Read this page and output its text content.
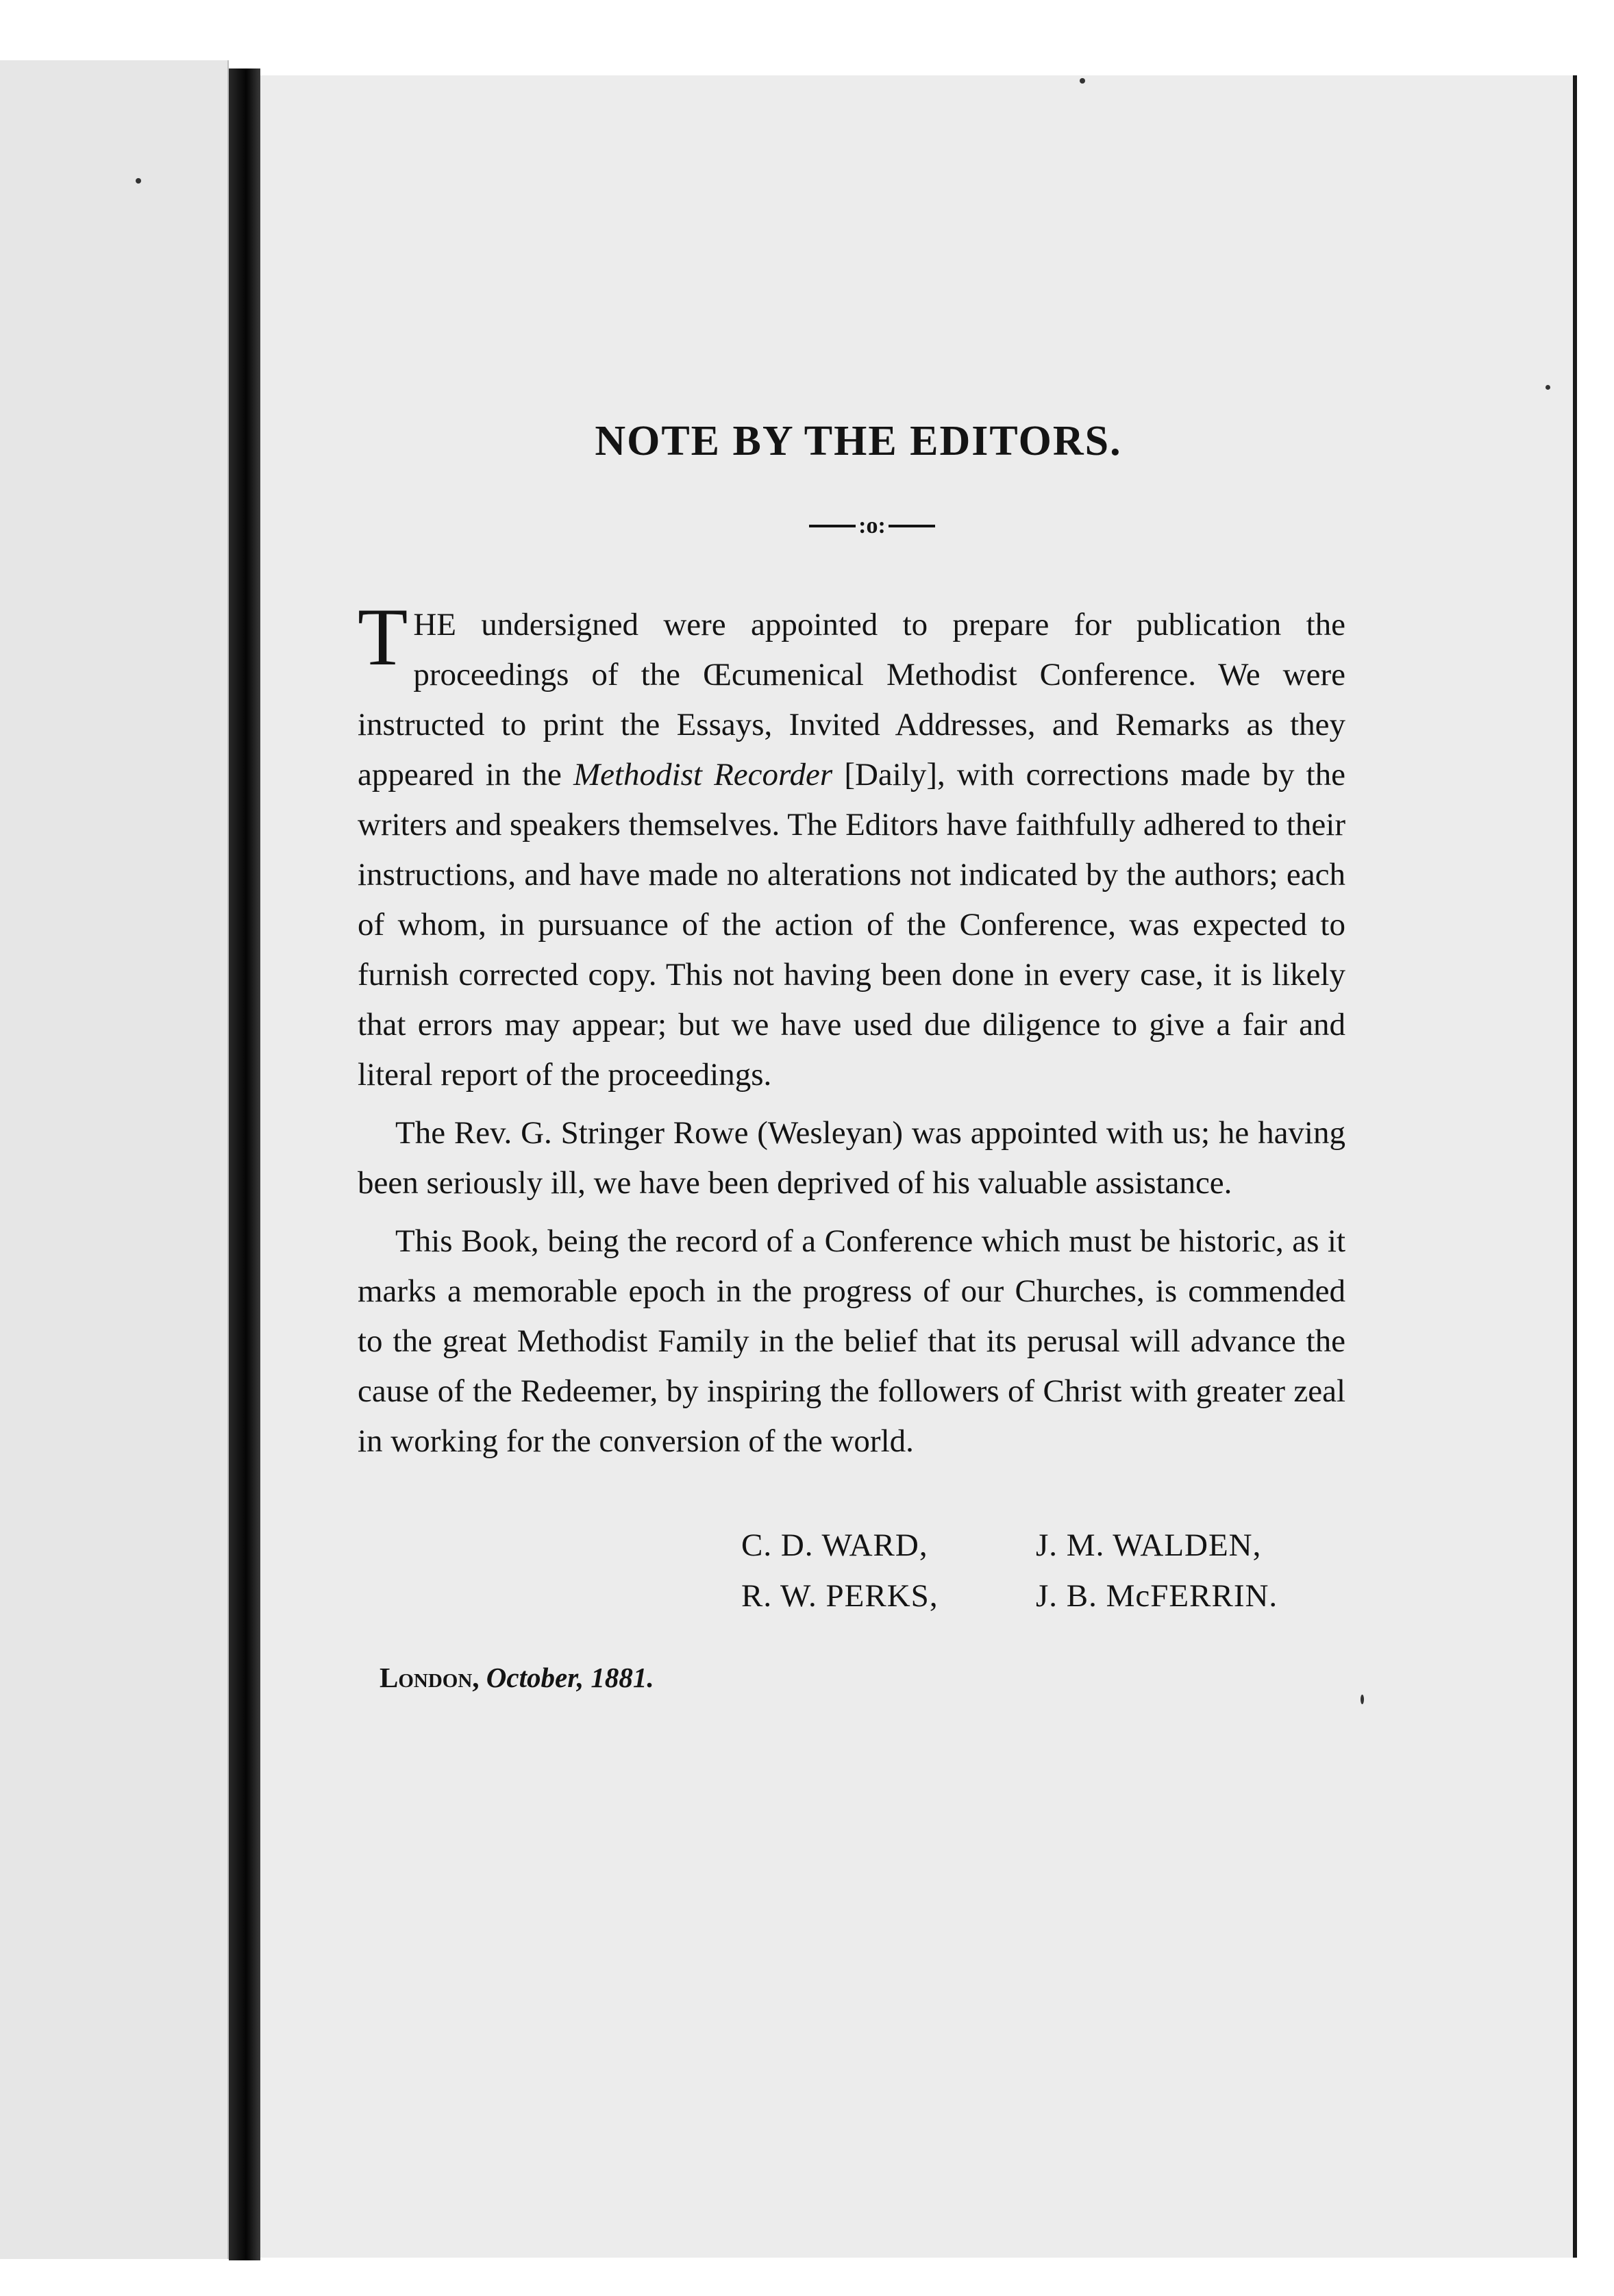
NOTE BY THE EDITORS.
:o:

THE undersigned were appointed to prepare for publication the proceedings of the Œcumenical Methodist Conference. We were instructed to print the Essays, Invited Addresses, and Remarks as they appeared in the Methodist Recorder [Daily], with corrections made by the writers and speakers themselves. The Editors have faithfully adhered to their instructions, and have made no alterations not indicated by the authors; each of whom, in pursuance of the action of the Conference, was expected to furnish corrected copy. This not having been done in every case, it is likely that errors may appear; but we have used due diligence to give a fair and literal report of the proceedings.

The Rev. G. Stringer Rowe (Wesleyan) was appointed with us; he having been seriously ill, we have been deprived of his valuable assistance.

This Book, being the record of a Conference which must be historic, as it marks a memorable epoch in the progress of our Churches, is commended to the great Methodist Family in the belief that its perusal will advance the cause of the Redeemer, by inspiring the followers of Christ with greater zeal in working for the conversion of the world.

C. D. WARD,	J. M. WALDEN,
R. W. PERKS,	J. B. McFERRIN.
London, October, 1881.
